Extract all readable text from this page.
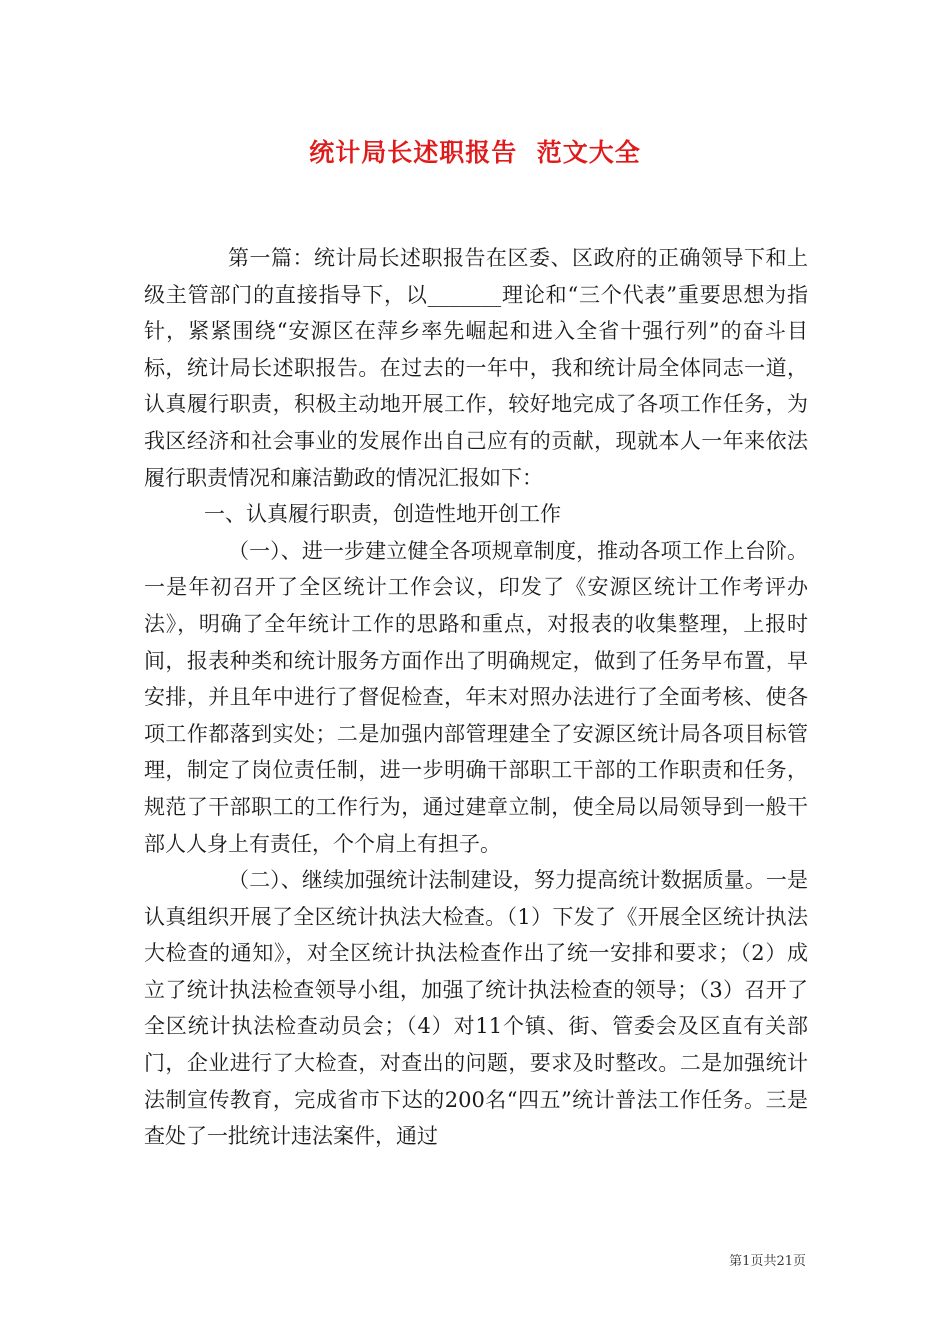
统计局长述职报告  范文大全

第一篇：统计局长述职报告在区委、区政府的正确领导下和上级主管部门的直接指导下，以_______理论和“三个代表”重要思想为指针，紧紧围绕“安源区在萍乡率先崛起和进入全省十强行列”的奋斗目标，统计局长述职报告。在过去的一年中，我和统计局全体同志一道，认真履行职责，积极主动地开展工作，较好地完成了各项工作任务，为我区经济和社会事业的发展作出自己应有的贡献，现就本人一年来依法履行职责情况和廉洁勤政的情况汇报如下：

一、认真履行职责，创造性地开创工作

（一）、进一步建立健全各项规章制度，推动各项工作上台阶。一是年初召开了全区统计工作会议，印发了《安源区统计工作考评办法》，明确了全年统计工作的思路和重点，对报表的收集整理，上报时间，报表种类和统计服务方面作出了明确规定，做到了任务早布置，早安排，并且年中进行了督促检查，年末对照办法进行了全面考核、使各项工作都落到实处；二是加强内部管理建全了安源区统计局各项目标管理，制定了岗位责任制，进一步明确干部职工干部的工作职责和任务，规范了干部职工的工作行为，通过建章立制，使全局以局领导到一般干部人人身上有责任，个个肩上有担子。

（二）、继续加强统计法制建设，努力提高统计数据质量。一是认真组织开展了全区统计执法大检查。（1）下发了《开展全区统计执法大检查的通知》，对全区统计执法检查作出了统一安排和要求；（2）成立了统计执法检查领导小组，加强了统计执法检查的领导；（3）召开了全区统计执法检查动员会；（4）对11个镇、街、管委会及区直有关部门，企业进行了大检查，对查出的问题，要求及时整改。二是加强统计法制宣传教育，完成省市下达的200名“四五”统计普法工作任务。三是查处了一批统计违法案件，通过

第1页共21页
